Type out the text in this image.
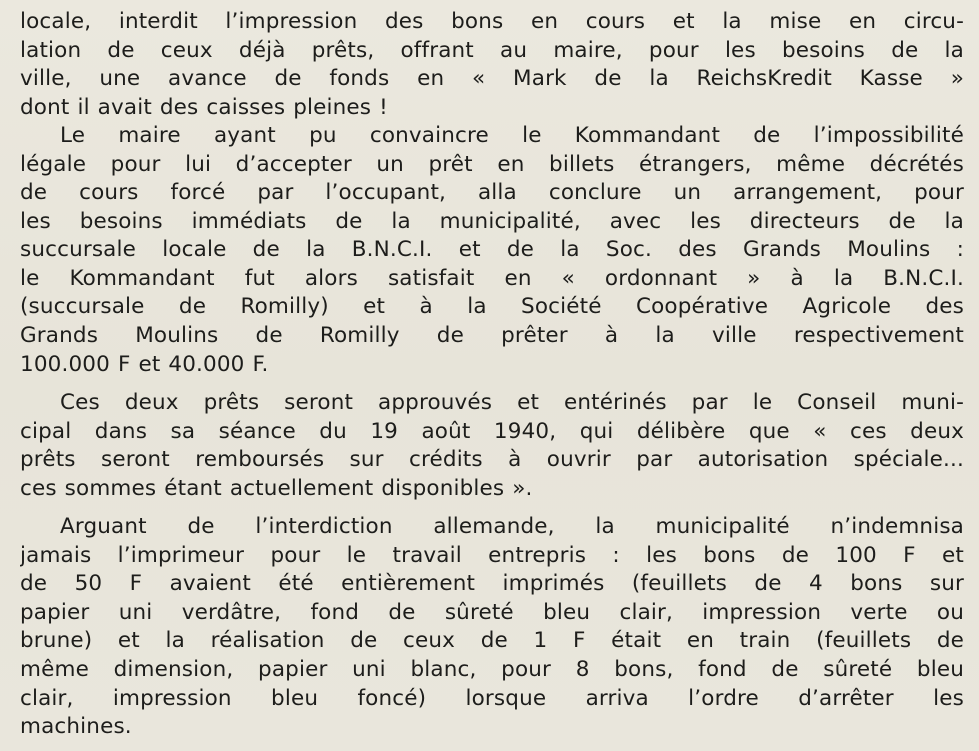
locale, interdit l’impression des bons en cours et la mise en circu-
lation de ceux déjà prêts, offrant au maire, pour les besoins de la
ville, une avance de fonds en « Mark de la ReichsKredit Kasse »
dont il avait des caisses pleines !
Le maire ayant pu convaincre le Kommandant de l’impossibilité
légale pour lui d’accepter un prêt en billets étrangers, même décrétés
de cours forcé par l’occupant, alla conclure un arrangement, pour
les besoins immédiats de la municipalité, avec les directeurs de la
succursale locale de la B.N.C.I. et de la Soc. des Grands Moulins :
le Kommandant fut alors satisfait en « ordonnant » à la B.N.C.I.
(succursale de Romilly) et à la Société Coopérative Agricole des
Grands Moulins de Romilly de prêter à la ville respectivement
100.000 F et 40.000 F.
Ces deux prêts seront approuvés et entérinés par le Conseil muni-
cipal dans sa séance du 19 août 1940, qui délibère que « ces deux
prêts seront remboursés sur crédits à ouvrir par autorisation spéciale...
ces sommes étant actuellement disponibles ».
Arguant de l’interdiction allemande, la municipalité n’indemnisa
jamais l’imprimeur pour le travail entrepris : les bons de 100 F et
de 50 F avaient été entièrement imprimés (feuillets de 4 bons sur
papier uni verdâtre, fond de sûreté bleu clair, impression verte ou
brune) et la réalisation de ceux de 1 F était en train (feuillets de
même dimension, papier uni blanc, pour 8 bons, fond de sûreté bleu
clair, impression bleu foncé) lorsque arriva l’ordre d’arrêter les
machines.
